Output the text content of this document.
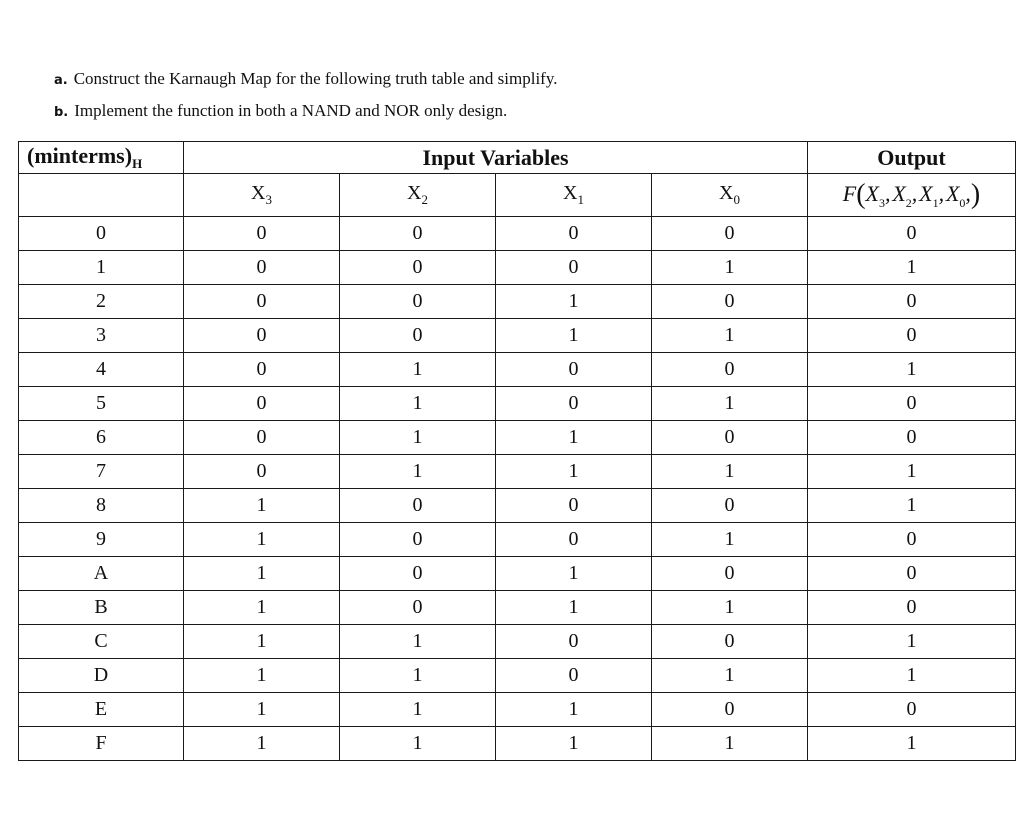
a. Construct the Karnaugh Map for the following truth table and simplify.
b. Implement the function in both a NAND and NOR only design.
$(minterms)_H$	Input Variables				Output
	$X_3$	$X_2$	$X_1$	$X_0$	$F(X_3$, $X_2$, $X_1$, $X_0$,)
0	0	0	0	0	0
1	0	0	0	1	1
2	0	0	1	0	0
3	0	0	1	1	0
4	0	1	0	0	1
5	0	1	0	1	0
6	0	1	1	0	0
7	0	1	1	1	1
8	1	0	0	0	1
9	1	0	0	1	0
A	1	0	1	0	0
B	1	0	1	1	0
C	1	1	0	0	1
D	1	1	0	1	1
E	1	1	1	0	0
F	1	1	1	1	1
